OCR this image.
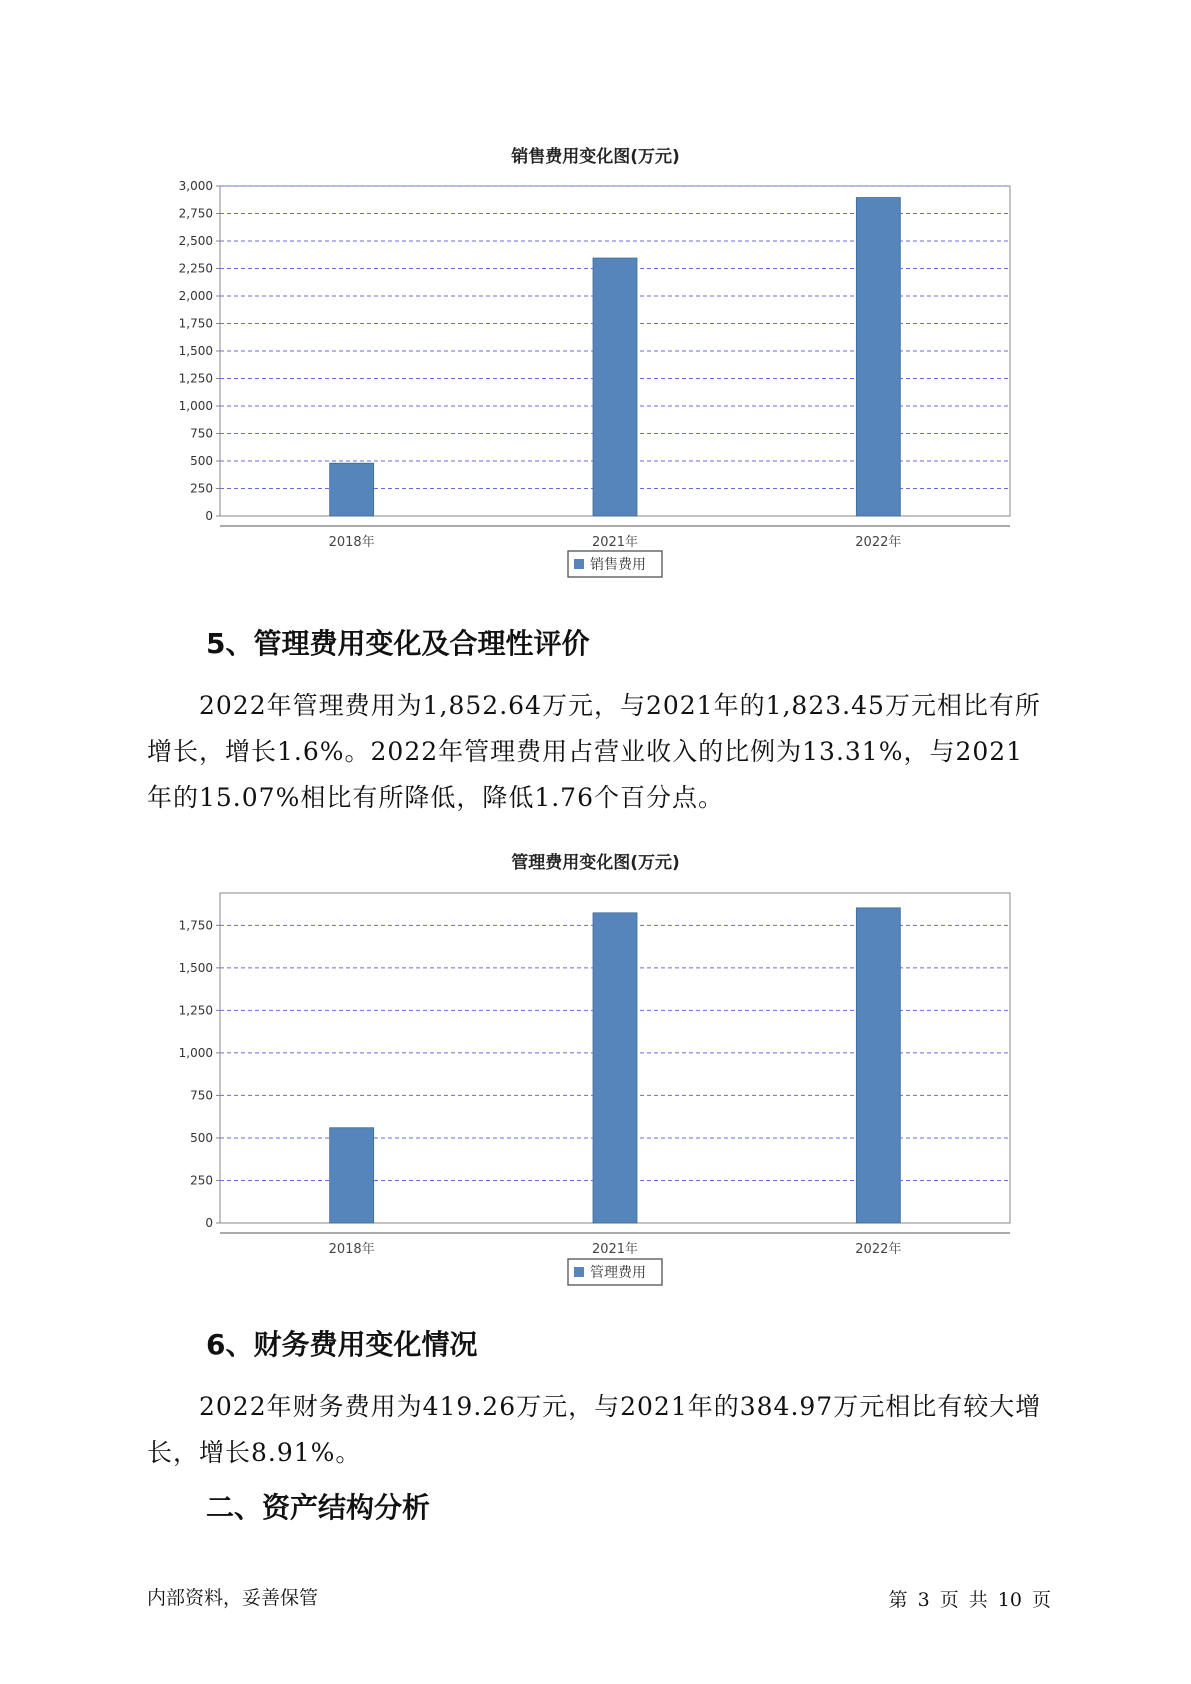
销售费用变化图(万元)
0
250
500
750
1,000
1,250
1,500
1,750
2,000
2,250
2,500
2,750
3,000
2018年	2021年	2022年
销售费用
5、管理费用变化及合理性评价
2022年管理费用为1,852.64万元，与2021年的1,823.45万元相比有所增长，增长1.6%。2022年管理费用占营业收入的比例为13.31%，与2021年的15.07%相比有所降低，降低1.76个百分点。
管理费用变化图(万元)
0
250
500
750
1,000
1,250
1,500
1,750
2018年	2021年	2022年
管理费用
6、财务费用变化情况
2022年财务费用为419.26万元，与2021年的384.97万元相比有较大增长，增长8.91%。
二、资产结构分析
内部资料，妥善保管	第 3 页 共 10 页
